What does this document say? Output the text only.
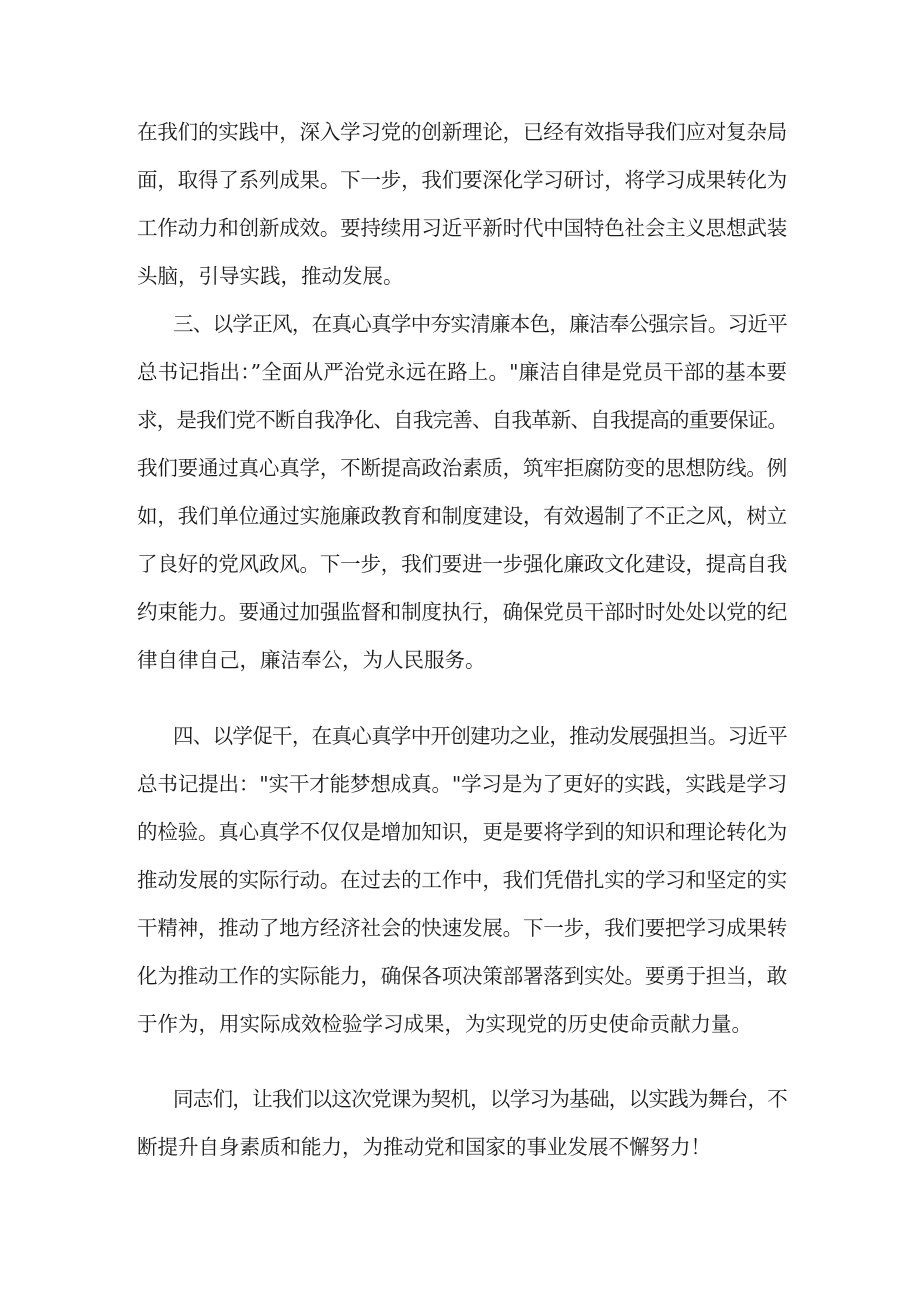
在我们的实践中，深入学习党的创新理论，已经有效指导我们应对复杂局
面，取得了系列成果。下一步，我们要深化学习研讨，将学习成果转化为
工作动力和创新成效。要持续用习近平新时代中国特色社会主义思想武装
头脑，引导实践，推动发展。
三、以学正风，在真心真学中夯实清廉本色，廉洁奉公强宗旨。习近平
总书记指出：”全面从严治党永远在路上。"廉洁自律是党员干部的基本要
求，是我们党不断自我净化、自我完善、自我革新、自我提高的重要保证。
我们要通过真心真学，不断提高政治素质，筑牢拒腐防变的思想防线。例
如，我们单位通过实施廉政教育和制度建设，有效遏制了不正之风，树立
了良好的党风政风。下一步，我们要进一步强化廉政文化建设，提高自我
约束能力。要通过加强监督和制度执行，确保党员干部时时处处以党的纪
律自律自己，廉洁奉公，为人民服务。
四、以学促干，在真心真学中开创建功之业，推动发展强担当。习近平
总书记提出："实干才能梦想成真。"学习是为了更好的实践，实践是学习
的检验。真心真学不仅仅是增加知识，更是要将学到的知识和理论转化为
推动发展的实际行动。在过去的工作中，我们凭借扎实的学习和坚定的实
干精神，推动了地方经济社会的快速发展。下一步，我们要把学习成果转
化为推动工作的实际能力，确保各项决策部署落到实处。要勇于担当，敢
于作为，用实际成效检验学习成果，为实现党的历史使命贡献力量。
同志们，让我们以这次党课为契机，以学习为基础，以实践为舞台，不
断提升自身素质和能力，为推动党和国家的事业发展不懈努力！
